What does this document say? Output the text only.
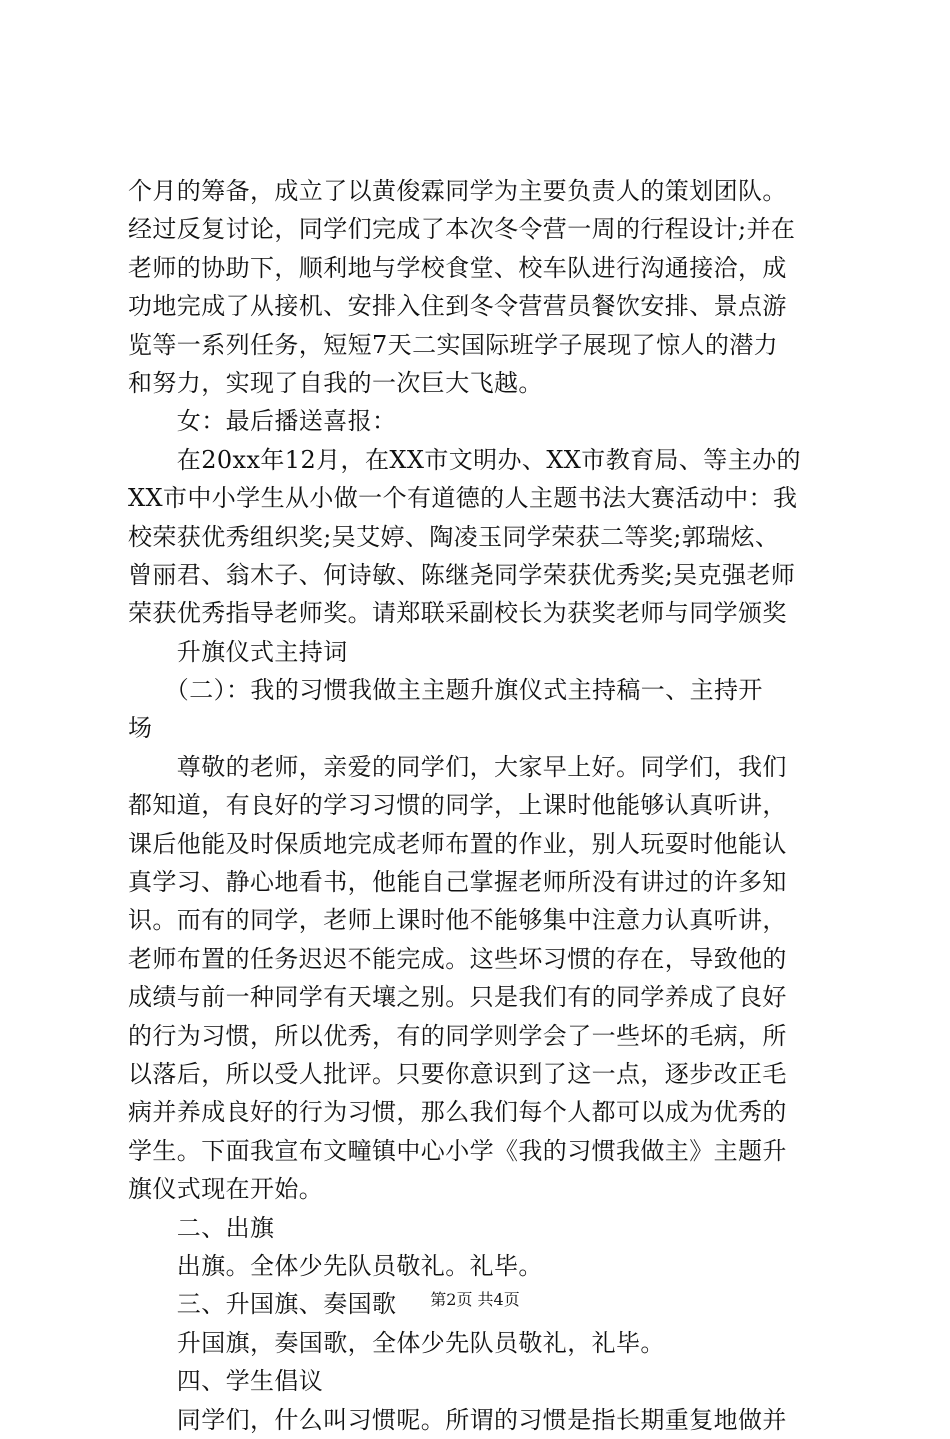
个月的筹备，成立了以黄俊霖同学为主要负责人的策划团队。
经过反复讨论，同学们完成了本次冬令营一周的行程设计;并在
老师的协助下，顺利地与学校食堂、校车队进行沟通接洽，成
功地完成了从接机、安排入住到冬令营营员餐饮安排、景点游
览等一系列任务，短短7天二实国际班学子展现了惊人的潜力
和努力，实现了自我的一次巨大飞越。
　　女：最后播送喜报：
　　在20xx年12月，在XX市文明办、XX市教育局、等主办的
XX市中小学生从小做一个有道德的人主题书法大赛活动中：我
校荣获优秀组织奖;吴艾婷、陶凌玉同学荣获二等奖;郭瑞炫、
曾丽君、翁木子、何诗敏、陈继尧同学荣获优秀奖;吴克强老师
荣获优秀指导老师奖。请郑联采副校长为获奖老师与同学颁奖
　　升旗仪式主持词
　　（二）：我的习惯我做主主题升旗仪式主持稿一、主持开
场
　　尊敬的老师，亲爱的同学们，大家早上好。同学们，我们
都知道，有良好的学习习惯的同学，上课时他能够认真听讲，
课后他能及时保质地完成老师布置的作业，别人玩耍时他能认
真学习、静心地看书，他能自己掌握老师所没有讲过的许多知
识。而有的同学，老师上课时他不能够集中注意力认真听讲，
老师布置的任务迟迟不能完成。这些坏习惯的存在，导致他的
成绩与前一种同学有天壤之别。只是我们有的同学养成了良好
的行为习惯，所以优秀，有的同学则学会了一些坏的毛病，所
以落后，所以受人批评。只要你意识到了这一点，逐步改正毛
病并养成良好的行为习惯，那么我们每个人都可以成为优秀的
学生。下面我宣布文疃镇中心小学《我的习惯我做主》主题升
旗仪式现在开始。
　　二、出旗
　　出旗。全体少先队员敬礼。礼毕。
　　三、升国旗、奏国歌
　　升国旗，奏国歌，全体少先队员敬礼，礼毕。
　　四、学生倡议
　　同学们，什么叫习惯呢。所谓的习惯是指长期重复地做并
第2页 共4页
